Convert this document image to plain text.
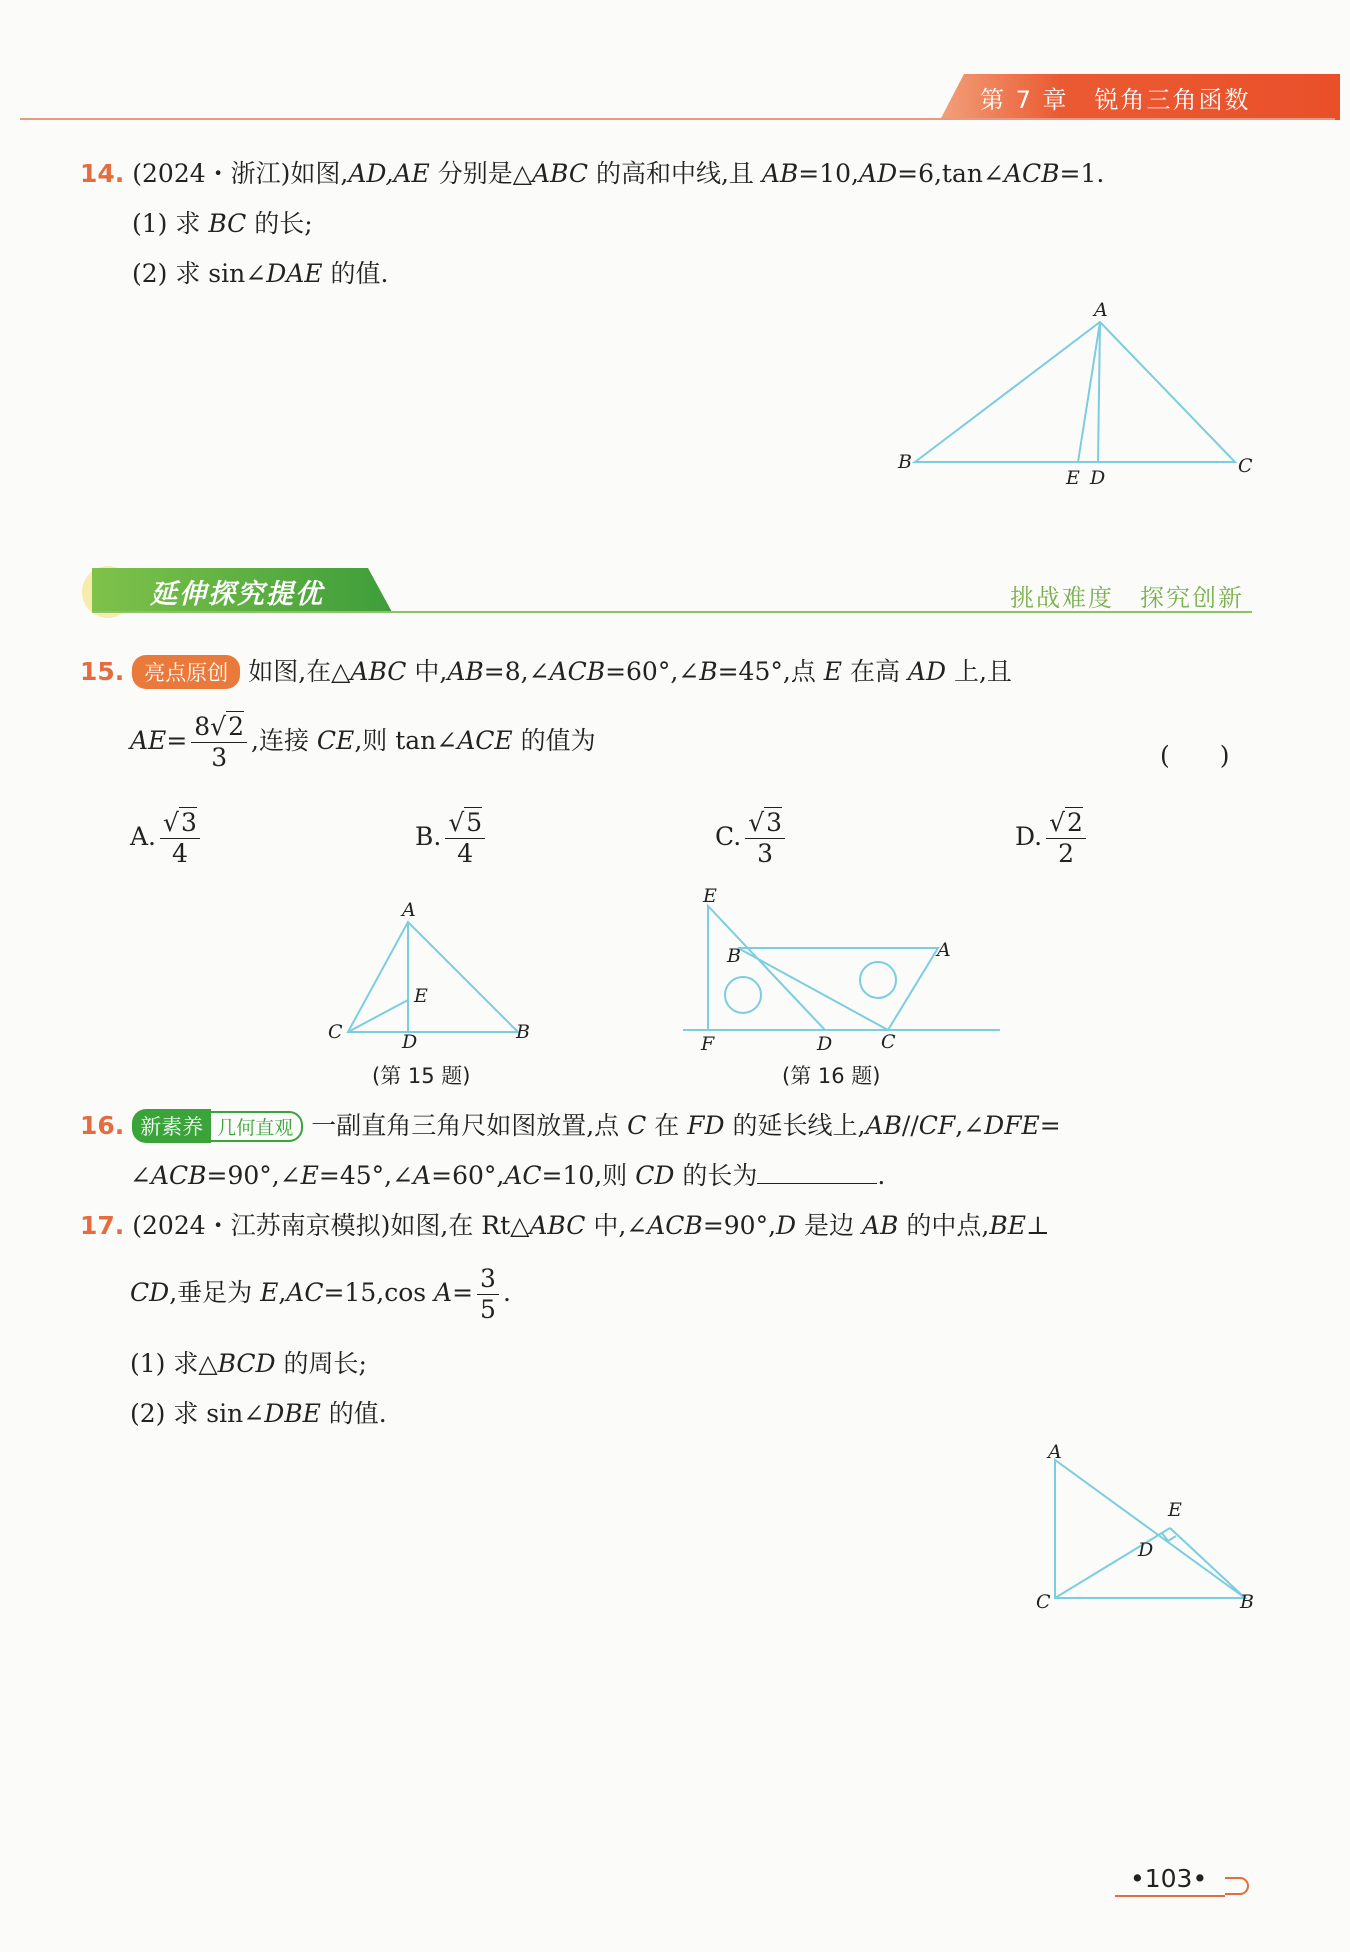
第 7 章　锐角三角函数
14. (2024・浙江)如图,AD,AE 分别是△ABC 的高和中线,且 AB=10,AD=6,tan∠ACB=1.
(1) 求 BC 的长;
(2) 求 sin∠DAE 的值.
A
B	C
E D
延伸探究提优	挑战难度　探究创新
15. 亮点原创 如图,在△ABC 中,AB=8,∠ACB=60°,∠B=45°,点 E 在高 AD 上,且
$AE= \frac{8√2}{3}$ ,连接 CE,则 tan∠ACE 的值为
(　　)
A. $\frac{√3}{4}$	B. $\frac{√5}{4}$	C. $\frac{√3}{3}$	D. $\frac{√2}{2}$
A
E
C	D	B
(第 15 题)
E
B	A
F	D	C
(第 16 题)
16. 新素养 几何直观 一副直角三角尺如图放置,点 C 在 FD 的延长线上,AB//CF,∠DFE=
∠ACB=90°,∠E=45°,∠A=60°,AC=10,则 CD 的长为	.
17. (2024・江苏南京模拟)如图,在 Rt△ABC 中,∠ACB=90°,D 是边 AB 的中点,BE⊥
CD,垂足为 E,AC=15,cos $A= \frac{3}{5}$ .
(1) 求△BCD 的周长;
(2) 求 sin∠DBE 的值.
A
E
D
C	B
•103•
